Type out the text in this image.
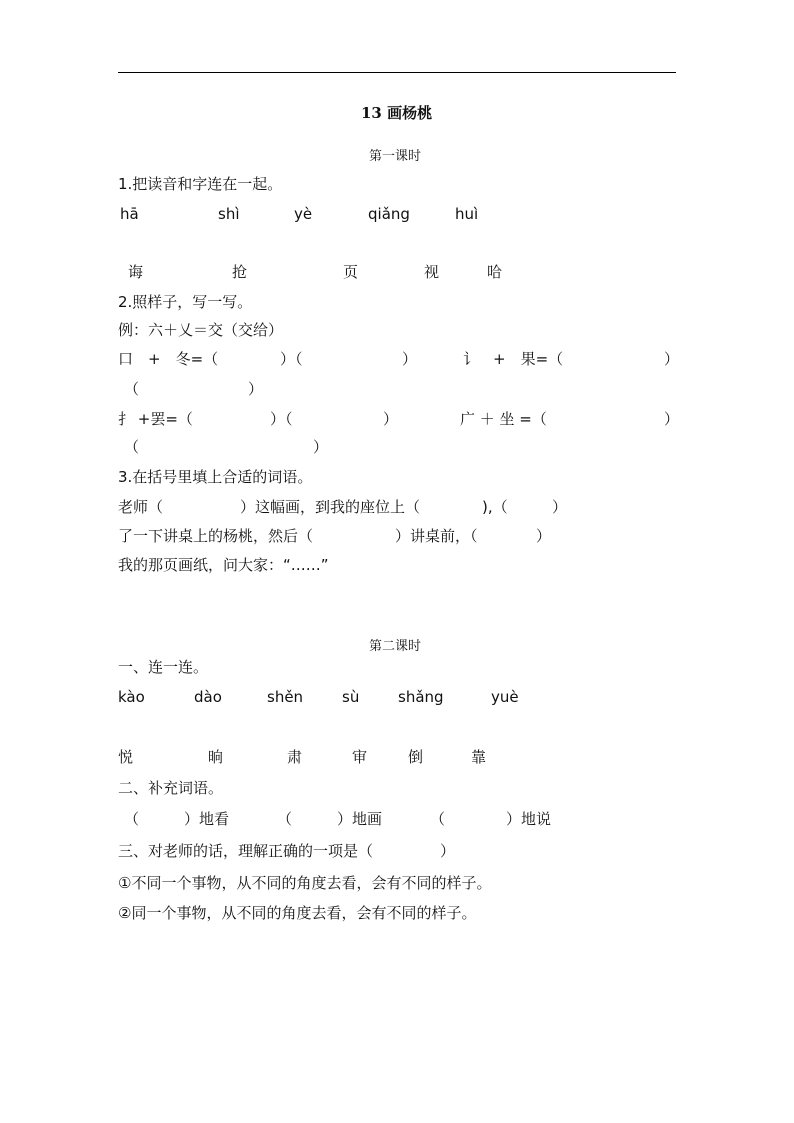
13 画杨桃
第一课时
1.把读音和字连在一起。
hā	shì	yè	qiǎng	huì
诲	抢	页	视	哈
2.照样子，写一写。
例：六＋乂＝交（交给）
口　+　冬=（	）（	）	讠　+　果=（	）
（	）
扌 +罢=（	）（	）	广 ＋ 坐 =（	）
（	）
3.在括号里填上合适的词语。
老师（	）这幅画，到我的座位上（	),（	）
了一下讲桌上的杨桃，然后（	）讲桌前，（	）
我的那页画纸，问大家：“……”
第二课时
一、连一连。
kào	dào	shěn	sù	shǎng	yuè
悦	晌	肃	审	倒	靠
二、补充词语。
（	）地看	（	）地画	（	）地说
三、对老师的话，理解正确的一项是（	）
①不同一个事物，从不同的角度去看，会有不同的样子。
②同一个事物，从不同的角度去看，会有不同的样子。
